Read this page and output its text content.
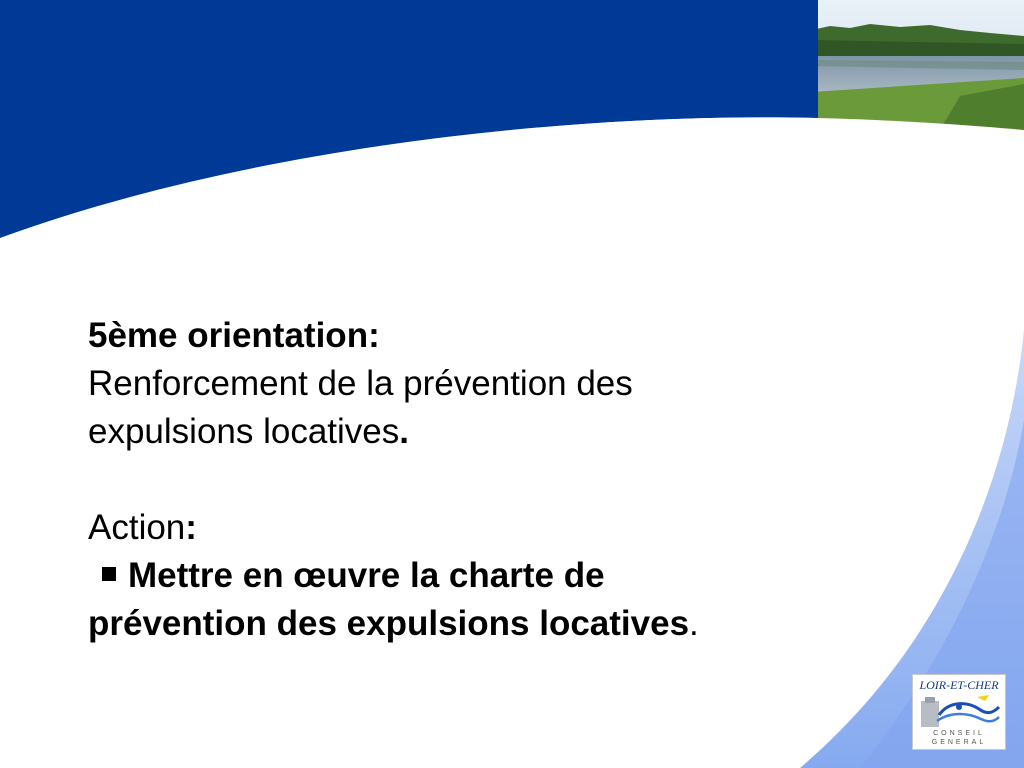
5ème orientation:
Renforcement de la prévention des
expulsions locatives.
Action:
Mettre en œuvre la charte de
prévention des expulsions locatives.
LOIR-ET-CHER
CONSEIL
GENERAL
